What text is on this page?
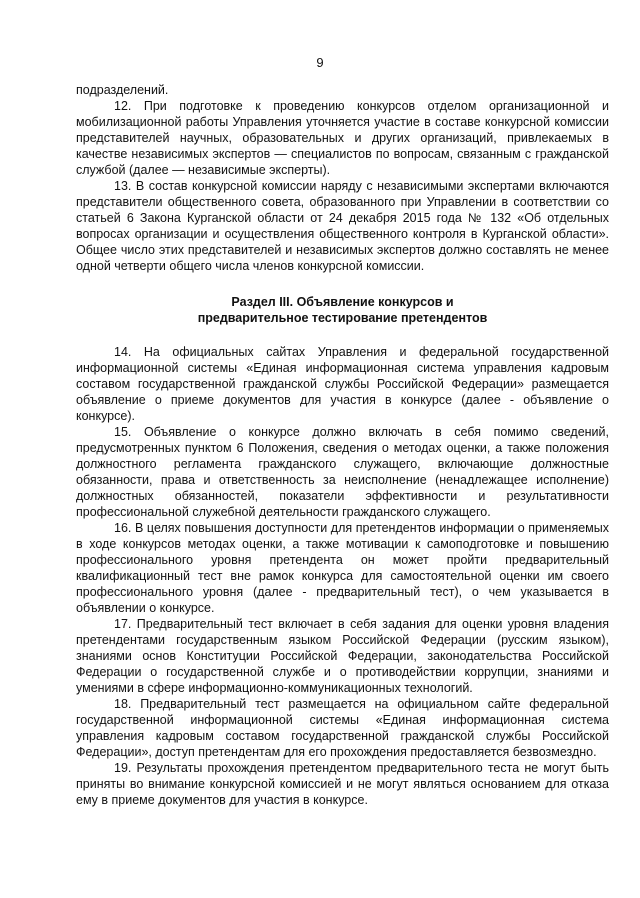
9

подразделений.

12. При подготовке к проведению конкурсов отделом организационной и мобилизационной работы Управления уточняется участие в составе конкурсной комиссии представителей научных, образовательных и других организаций, привлекаемых в качестве независимых экспертов — специалистов по вопросам, связанным с гражданской службой (далее — независимые эксперты).

13. В состав конкурсной комиссии наряду с независимыми экспертами включаются представители общественного совета, образованного при Управлении в соответствии со статьей 6 Закона Курганской области от 24 декабря 2015 года № 132 «Об отдельных вопросах организации и осуществления общественного контроля в Курганской области». Общее число этих представителей и независимых экспертов должно составлять не менее одной четверти общего числа членов конкурсной комиссии.

Раздел III. Объявление конкурсов и
предварительное тестирование претендентов

14. На официальных сайтах Управления и федеральной государственной информационной системы «Единая информационная система управления кадровым составом государственной гражданской службы Российской Федерации» размещается объявление о приеме документов для участия в конкурсе (далее - объявление о конкурсе).

15. Объявление о конкурсе должно включать в себя помимо сведений, предусмотренных пунктом 6 Положения, сведения о методах оценки, а также положения должностного регламента гражданского служащего, включающие должностные обязанности, права и ответственность за неисполнение (ненадлежащее исполнение) должностных обязанностей, показатели эффективности и результативности профессиональной служебной деятельности гражданского служащего.

16. В целях повышения доступности для претендентов информации о применяемых в ходе конкурсов методах оценки, а также мотивации к самоподготовке и повышению профессионального уровня претендента он может пройти предварительный квалификационный тест вне рамок конкурса для самостоятельной оценки им своего профессионального уровня (далее - предварительный тест), о чем указывается в объявлении о конкурсе.

17. Предварительный тест включает в себя задания для оценки уровня владения претендентами государственным языком Российской Федерации (русским языком), знаниями основ Конституции Российской Федерации, законодательства Российской Федерации о государственной службе и о противодействии коррупции, знаниями и умениями в сфере информационно-коммуникационных технологий.

18. Предварительный тест размещается на официальном сайте федеральной государственной информационной системы «Единая информационная система управления кадровым составом государственной гражданской службы Российской Федерации», доступ претендентам для его прохождения предоставляется безвозмездно.

19. Результаты прохождения претендентом предварительного теста не могут быть приняты во внимание конкурсной комиссией и не могут являться основанием для отказа ему в приеме документов для участия в конкурсе.
